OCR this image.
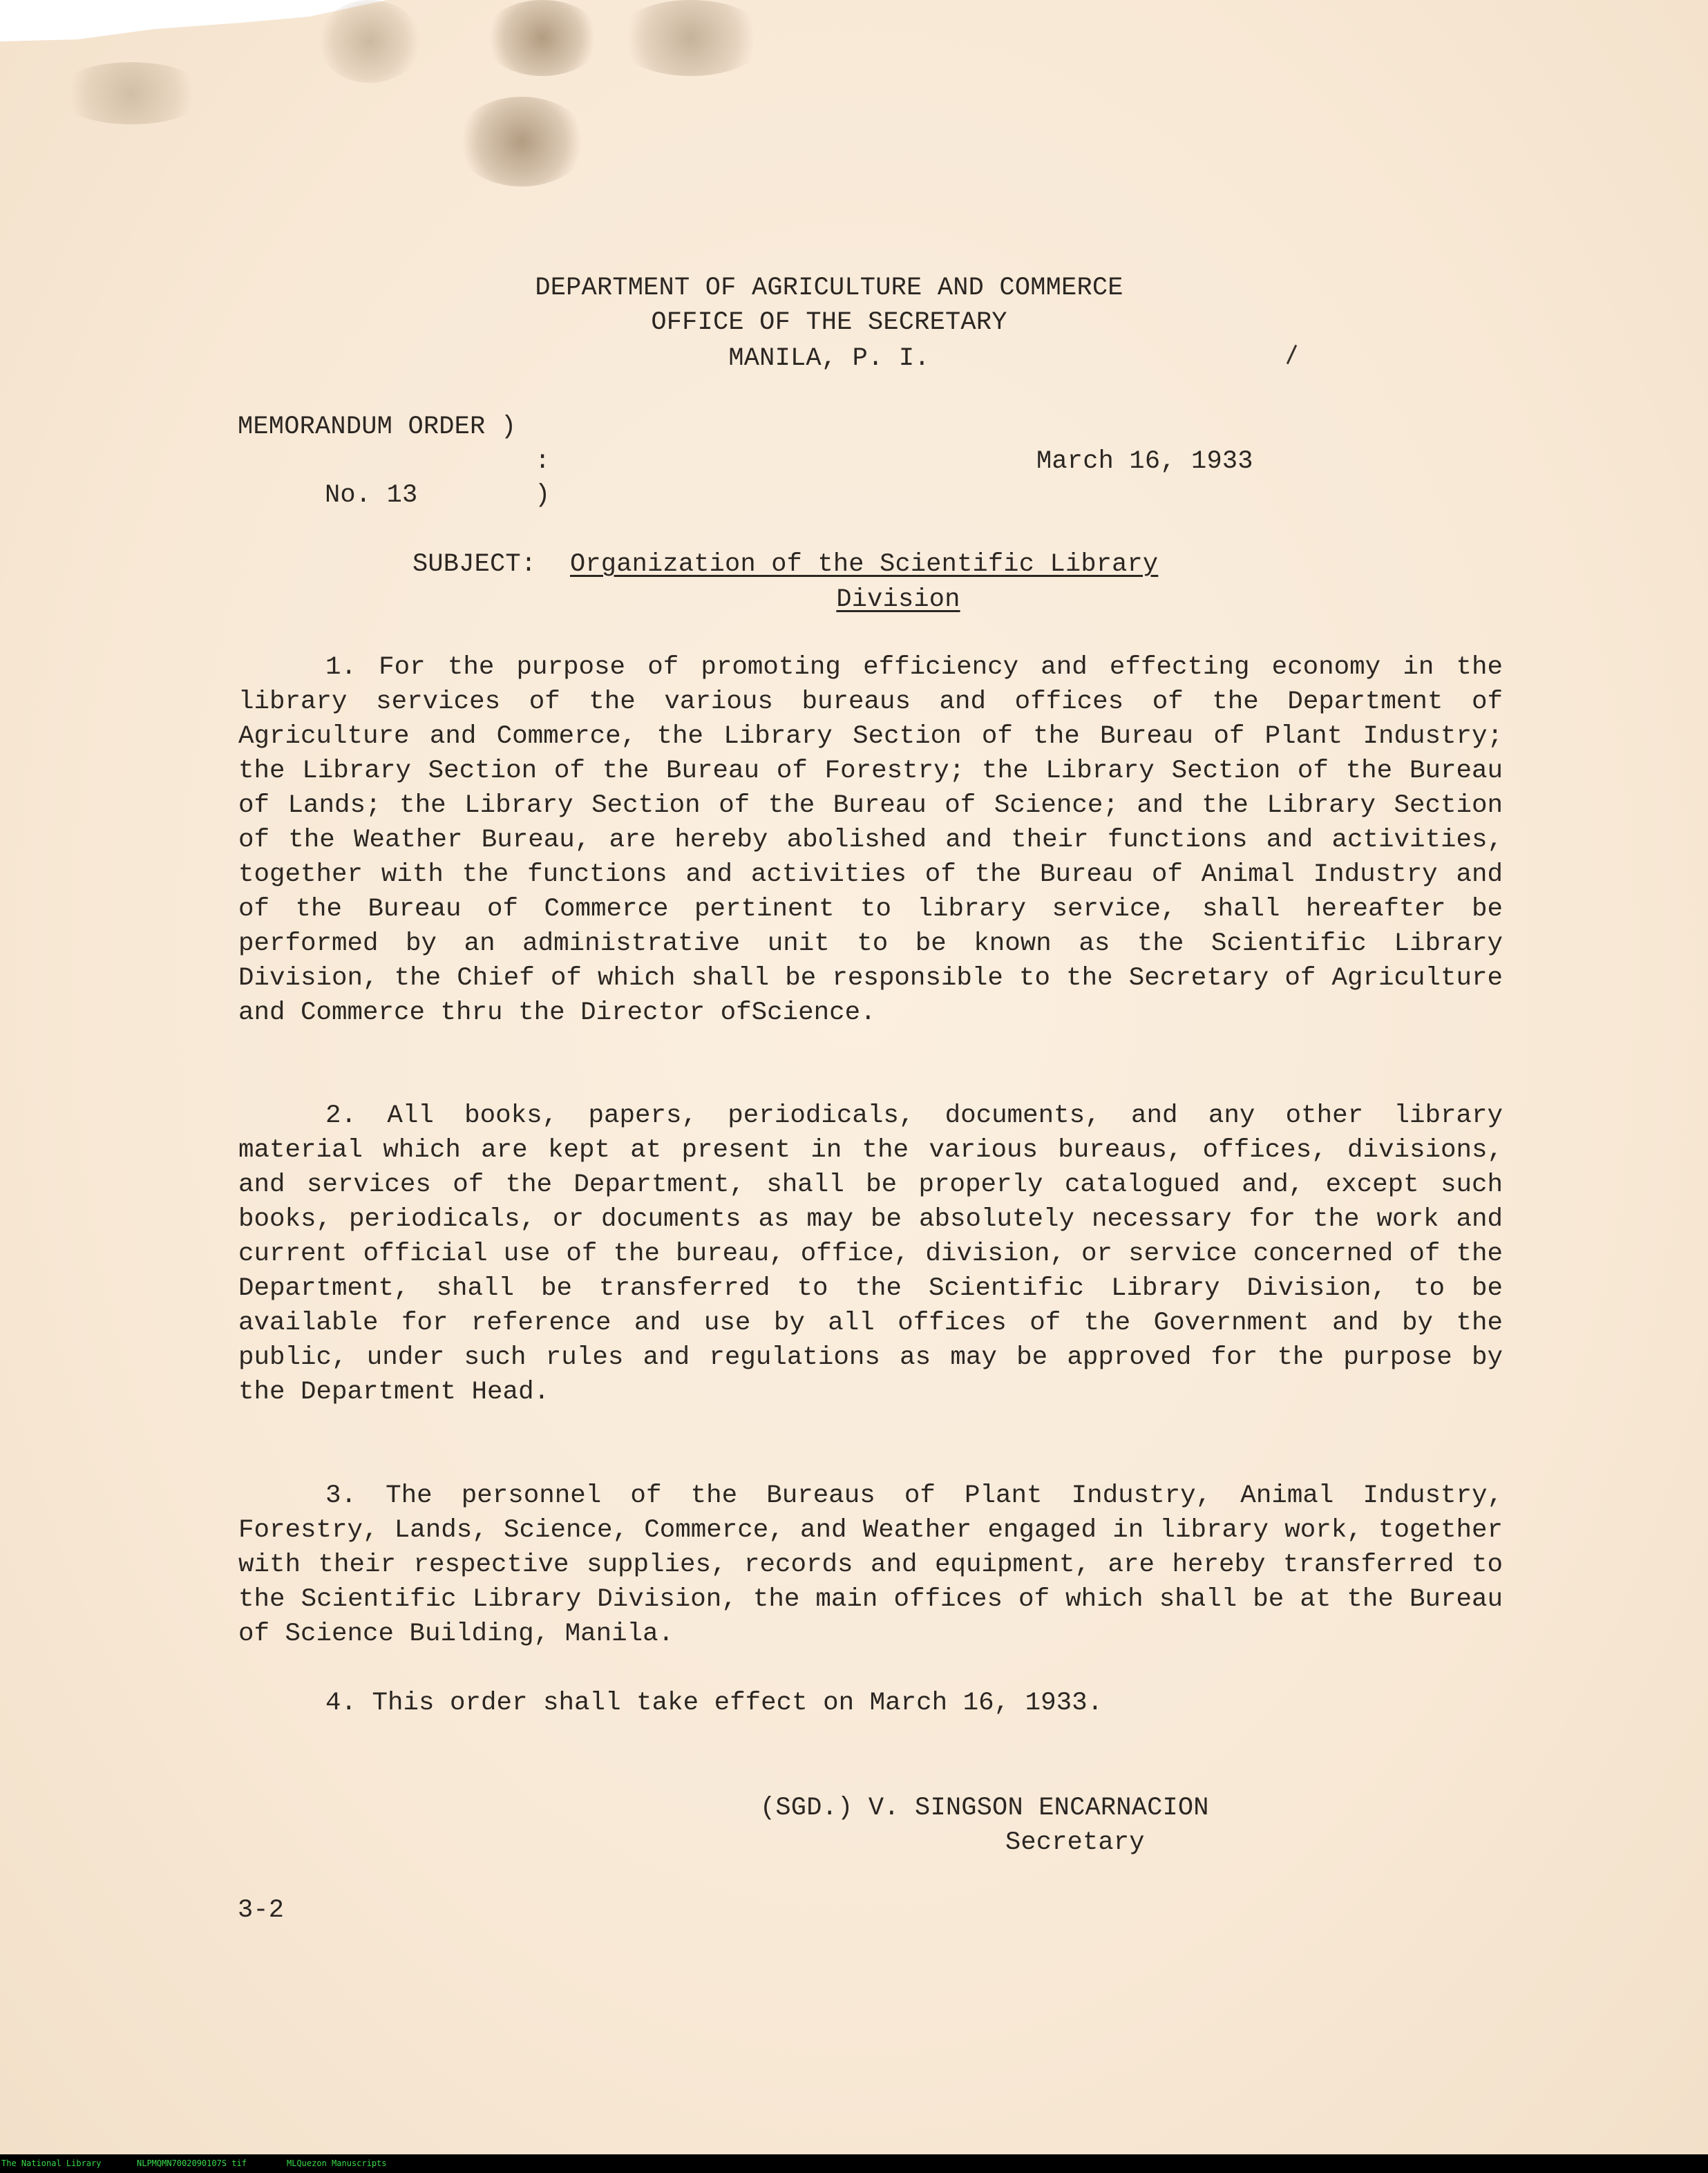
DEPARTMENT OF AGRICULTURE AND COMMERCE
OFFICE OF THE SECRETARY
MANILA, P. I.
MEMORANDUM ORDER )
:
No. 13	)
March 16, 1933
SUBJECT: Organization of the Scientific Library
Division
1. For the purpose of promoting efficiency and effecting economy in the library services of the various bureaus and offices of the Department of Agriculture and Commerce, the Library Section of the Bureau of Plant Industry; the Library Section of the Bureau of Forestry; the Library Section of the Bureau of Lands; the Library Section of the Bureau of Science; and the Library Section of the Weather Bureau, are hereby abolished and their functions and activities, together with the functions and activities of the Bureau of Animal Industry and of the Bureau of Commerce pertinent to library service, shall hereafter be performed by an administrative unit to be known as the Scientific Library Division, the Chief of which shall be responsible to the Secretary of Agriculture and Commerce thru the Director ofScience.
2. All books, papers, periodicals, documents, and any other library material which are kept at present in the various bureaus, offices, divisions, and services of the Department, shall be properly catalogued and, except such books, periodicals, or documents as may be absolutely necessary for the work and current official use of the bureau, office, division, or service concerned of the Department, shall be transferred to the Scientific Library Division, to be available for reference and use by all offices of the Government and by the public, under such rules and regulations as may be approved for the purpose by the Department Head.
3. The personnel of the Bureaus of Plant Industry, Animal Industry, Forestry, Lands, Science, Commerce, and Weather engaged in library work, together with their respective supplies, records and equipment, are hereby transferred to the Scientific Library Division, the main offices of which shall be at the Bureau of Science Building, Manila.
4. This order shall take effect on March 16, 1933.
(SGD.) V. SINGSON ENCARNACION
Secretary
3-2
The National Library	NLPMQMN7002090107S tif	MLQuezon Manuscripts
